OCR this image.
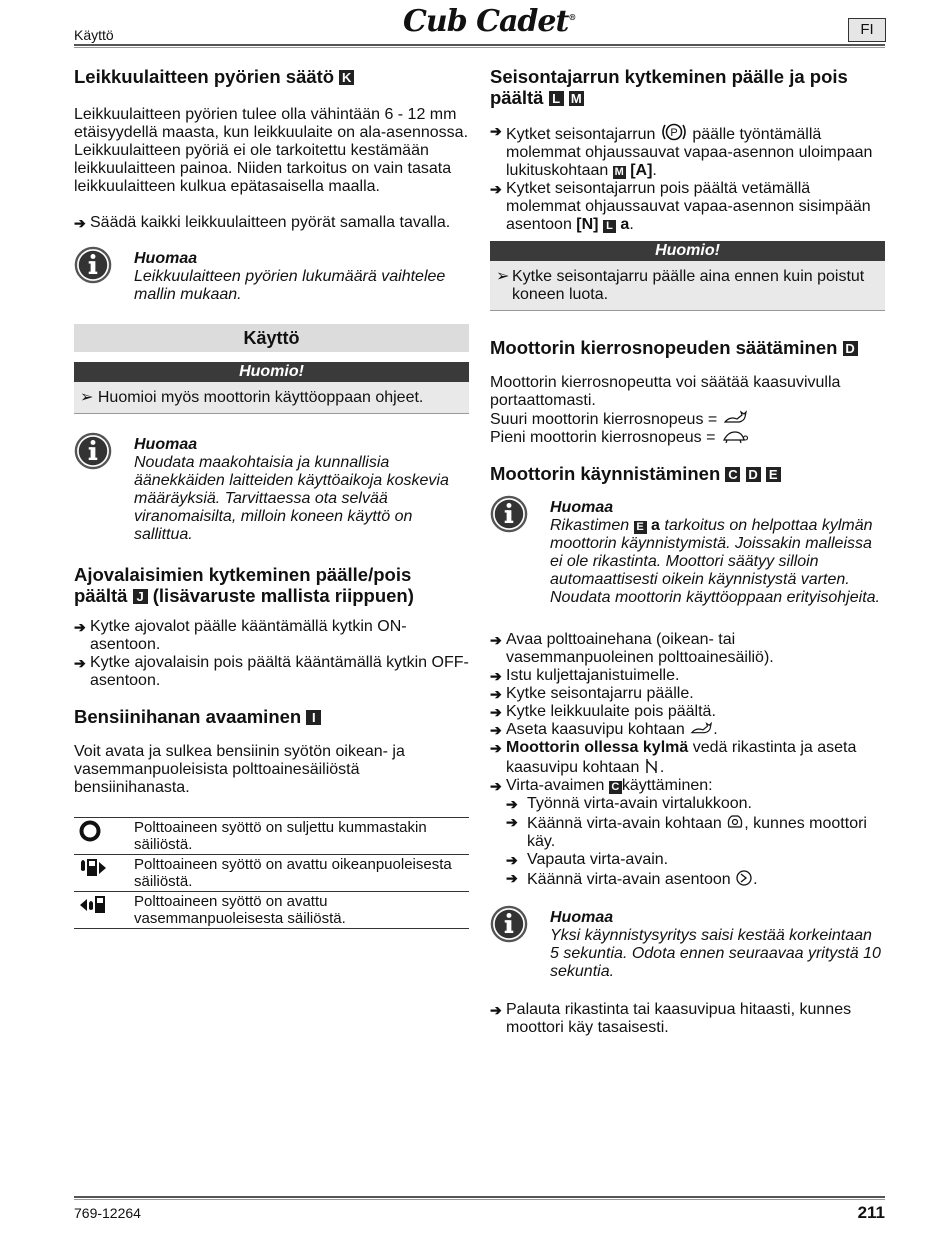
Käyttö	Cub Cadet®
FI
Leikkuulaitteen pyörien säätö K

Leikkuulaitteen pyörien tulee olla vähintään 6 - 12 mm etäisyydellä maasta, kun leikkuulaite on ala-asennossa. Leikkuulaitteen pyöriä ei ole tarkoitettu kestämään leikkuulaitteen painoa. Niiden tarkoitus on vain tasata leikkuulaitteen kulkua epätasaisella maalla.

➔ Säädä kaikki leikkuulaitteen pyörät samalla tavalla.
Huomaa
Leikkuulaitteen pyörien lukumäärä vaihtelee mallin mukaan.
Käyttö
Huomio!
➢ Huomioi myös moottorin käyttöoppaan ohjeet.
Huomaa
Noudata maakohtaisia ja kunnallisia äänekkäiden laitteiden käyttöaikoja koskevia määräyksiä. Tarvittaessa ota selvää viranomaisilta, milloin koneen käyttö on sallittua.
Ajovalaisimien kytkeminen päälle/pois päältä J (lisävaruste mallista riippuen)
➔ Kytke ajovalot päälle kääntämällä kytkin ON-asentoon.
➔ Kytke ajovalaisin pois päältä kääntämällä kytkin OFF-asentoon.
Bensiinihanan avaaminen I

Voit avata ja sulkea bensiinin syötön oikean- ja vasemmanpuoleisista polttoainesäiliöstä bensiinihanasta.

	Polttoaineen syöttö on suljettu kummastakin säiliöstä.
	Polttoaineen syöttö on avattu oikeanpuoleisesta säiliöstä.
	Polttoaineen syöttö on avattu vasemmanpuoleisesta säiliöstä.
Seisontajarrun kytkeminen päälle ja pois päältä L M
➔ Kytket seisontajarrun P päälle työntämällä molemmat ohjaussauvat vapaa-asennon uloimpaan lukituskohtaan M [A].
➔ Kytket seisontajarrun pois päältä vetämällä molemmat ohjaussauvat vapaa-asennon sisimpään asentoon [N] L a.
Huomio!
➢ Kytke seisontajarru päälle aina ennen kuin poistut koneen luota.
Moottorin kierrosnopeuden säätäminen D

Moottorin kierrosnopeutta voi säätää kaasuvivulla portaattomasti.

Suuri moottorin kierrosnopeus =

Pieni moottorin kierrosnopeus =

Moottorin käynnistäminen C D E
Huomaa
Rikastimen E a tarkoitus on helpottaa kylmän moottorin käynnistymistä. Joissakin malleissa ei ole rikastinta. Moottori säätyy silloin automaattisesti oikein käynnistystä varten. Noudata moottorin käyttöoppaan erityisohjeita.
➔ Avaa polttoainehana (oikean- tai vasemmanpuoleinen polttoainesäiliö).
➔ Istu kuljettajanistuimelle.
➔ Kytke seisontajarru päälle.
➔ Kytke leikkuulaite pois päältä.
➔ Aseta kaasuvipu kohtaan .
➔ Moottorin ollessa kylmä vedä rikastinta ja aseta kaasuvipu kohtaan .
➔ Virta-avaimen C käyttäminen:
➔ Työnnä virta-avain virtalukkoon.
➔ Käännä virta-avain kohtaan , kunnes moottori käy.
➔ Vapauta virta-avain.
➔ Käännä virta-avain asentoon .
Huomaa
Yksi käynnistysyritys saisi kestää korkeintaan 5 sekuntia. Odota ennen seuraavaa yritystä 10 sekuntia.
➔ Palauta rikastinta tai kaasuvipua hitaasti, kunnes moottori käy tasaisesti.
769-12264	211
